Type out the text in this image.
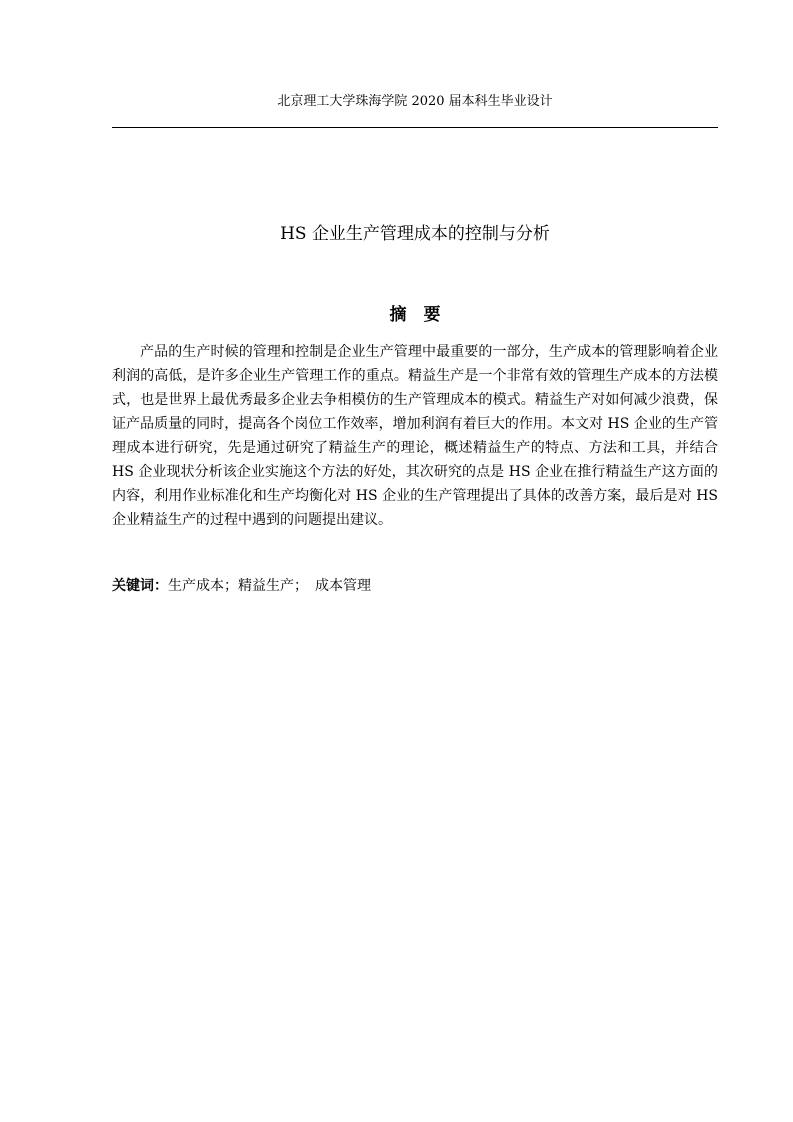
北京理工大学珠海学院 2020 届本科生毕业设计
HS 企业生产管理成本的控制与分析
摘　要

产品的生产时候的管理和控制是企业生产管理中最重要的一部分，生产成本的管理影响着企业利润的高低，是许多企业生产管理工作的重点。精益生产是一个非常有效的管理生产成本的方法模式，也是世界上最优秀最多企业去争相模仿的生产管理成本的模式。精益生产对如何减少浪费，保证产品质量的同时，提高各个岗位工作效率，增加利润有着巨大的作用。本文对 HS 企业的生产管理成本进行研究，先是通过研究了精益生产的理论，概述精益生产的特点、方法和工具，并结合 HS 企业现状分析该企业实施这个方法的好处，其次研究的点是 HS 企业在推行精益生产这方面的内容，利用作业标准化和生产均衡化对 HS 企业的生产管理提出了具体的改善方案，最后是对 HS 企业精益生产的过程中遇到的问题提出建议。

关键词：生产成本；精益生产；　成本管理
